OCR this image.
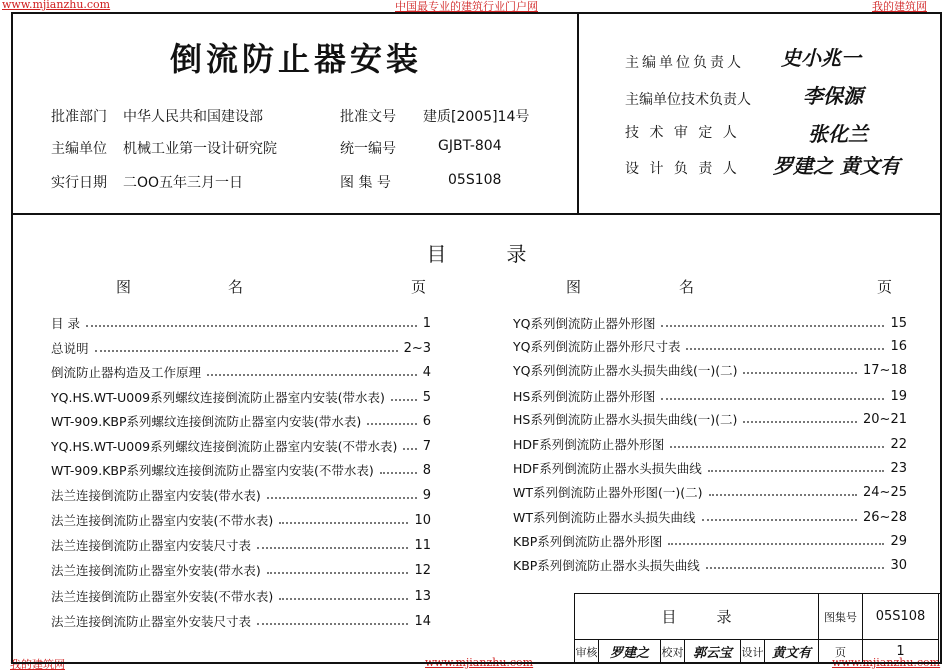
www.mjianzhu.com	中国最专业的建筑行业门户网	我的建筑网
我的建筑网	www.mjianzhu.com	www.mjianzhu.com
倒流防止器安装
批准部门 中华人民共和国建设部	批准文号 建质[2005]14号
主编单位 机械工业第一设计研究院	统一编号	GJBT-804
实行日期 二OO五年三月一日	图 集 号	05S108
主编单位负责人 史小兆一
主编单位技术负责人	李保源
技 术 审 定 人	张化兰
设 计 负 责 人 罗建之 黄文有
目录
图	名	页	图	名	页
目 录	1
总说明	2~3
倒流防止器构造及工作原理	4
YQ.HS.WT-U009系列螺纹连接倒流防止器室内安装(带水表)	5
WT-909.KBP系列螺纹连接倒流防止器室内安装(带水表)	6
YQ.HS.WT-U009系列螺纹连接倒流防止器室内安装(不带水表) 7
WT-909.KBP系列螺纹连接倒流防止器室内安装(不带水表)	8
法兰连接倒流防止器室内安装(带水表)	9
法兰连接倒流防止器室内安装(不带水表)	10
法兰连接倒流防止器室内安装尺寸表	11
法兰连接倒流防止器室外安装(带水表)	12
法兰连接倒流防止器室外安装(不带水表)	13
法兰连接倒流防止器室外安装尺寸表	14
YQ系列倒流防止器外形图	15
YQ系列倒流防止器外形尺寸表	16
YQ系列倒流防止器水头损失曲线(一)(二)	17~18
HS系列倒流防止器外形图	19
HS系列倒流防止器水头损失曲线(一)(二)	20~21
HDF系列倒流防止器外形图	22
HDF系列倒流防止器水头损失曲线	23
WT系列倒流防止器外形图(一)(二)	24~25
WT系列倒流防止器水头损失曲线	26~28
KBP系列倒流防止器外形图	29
KBP系列倒流防止器水头损失曲线	30
目录	图集号	05S108
审核 罗建之	校对 郭云宝 设计 黄文有	页	1
